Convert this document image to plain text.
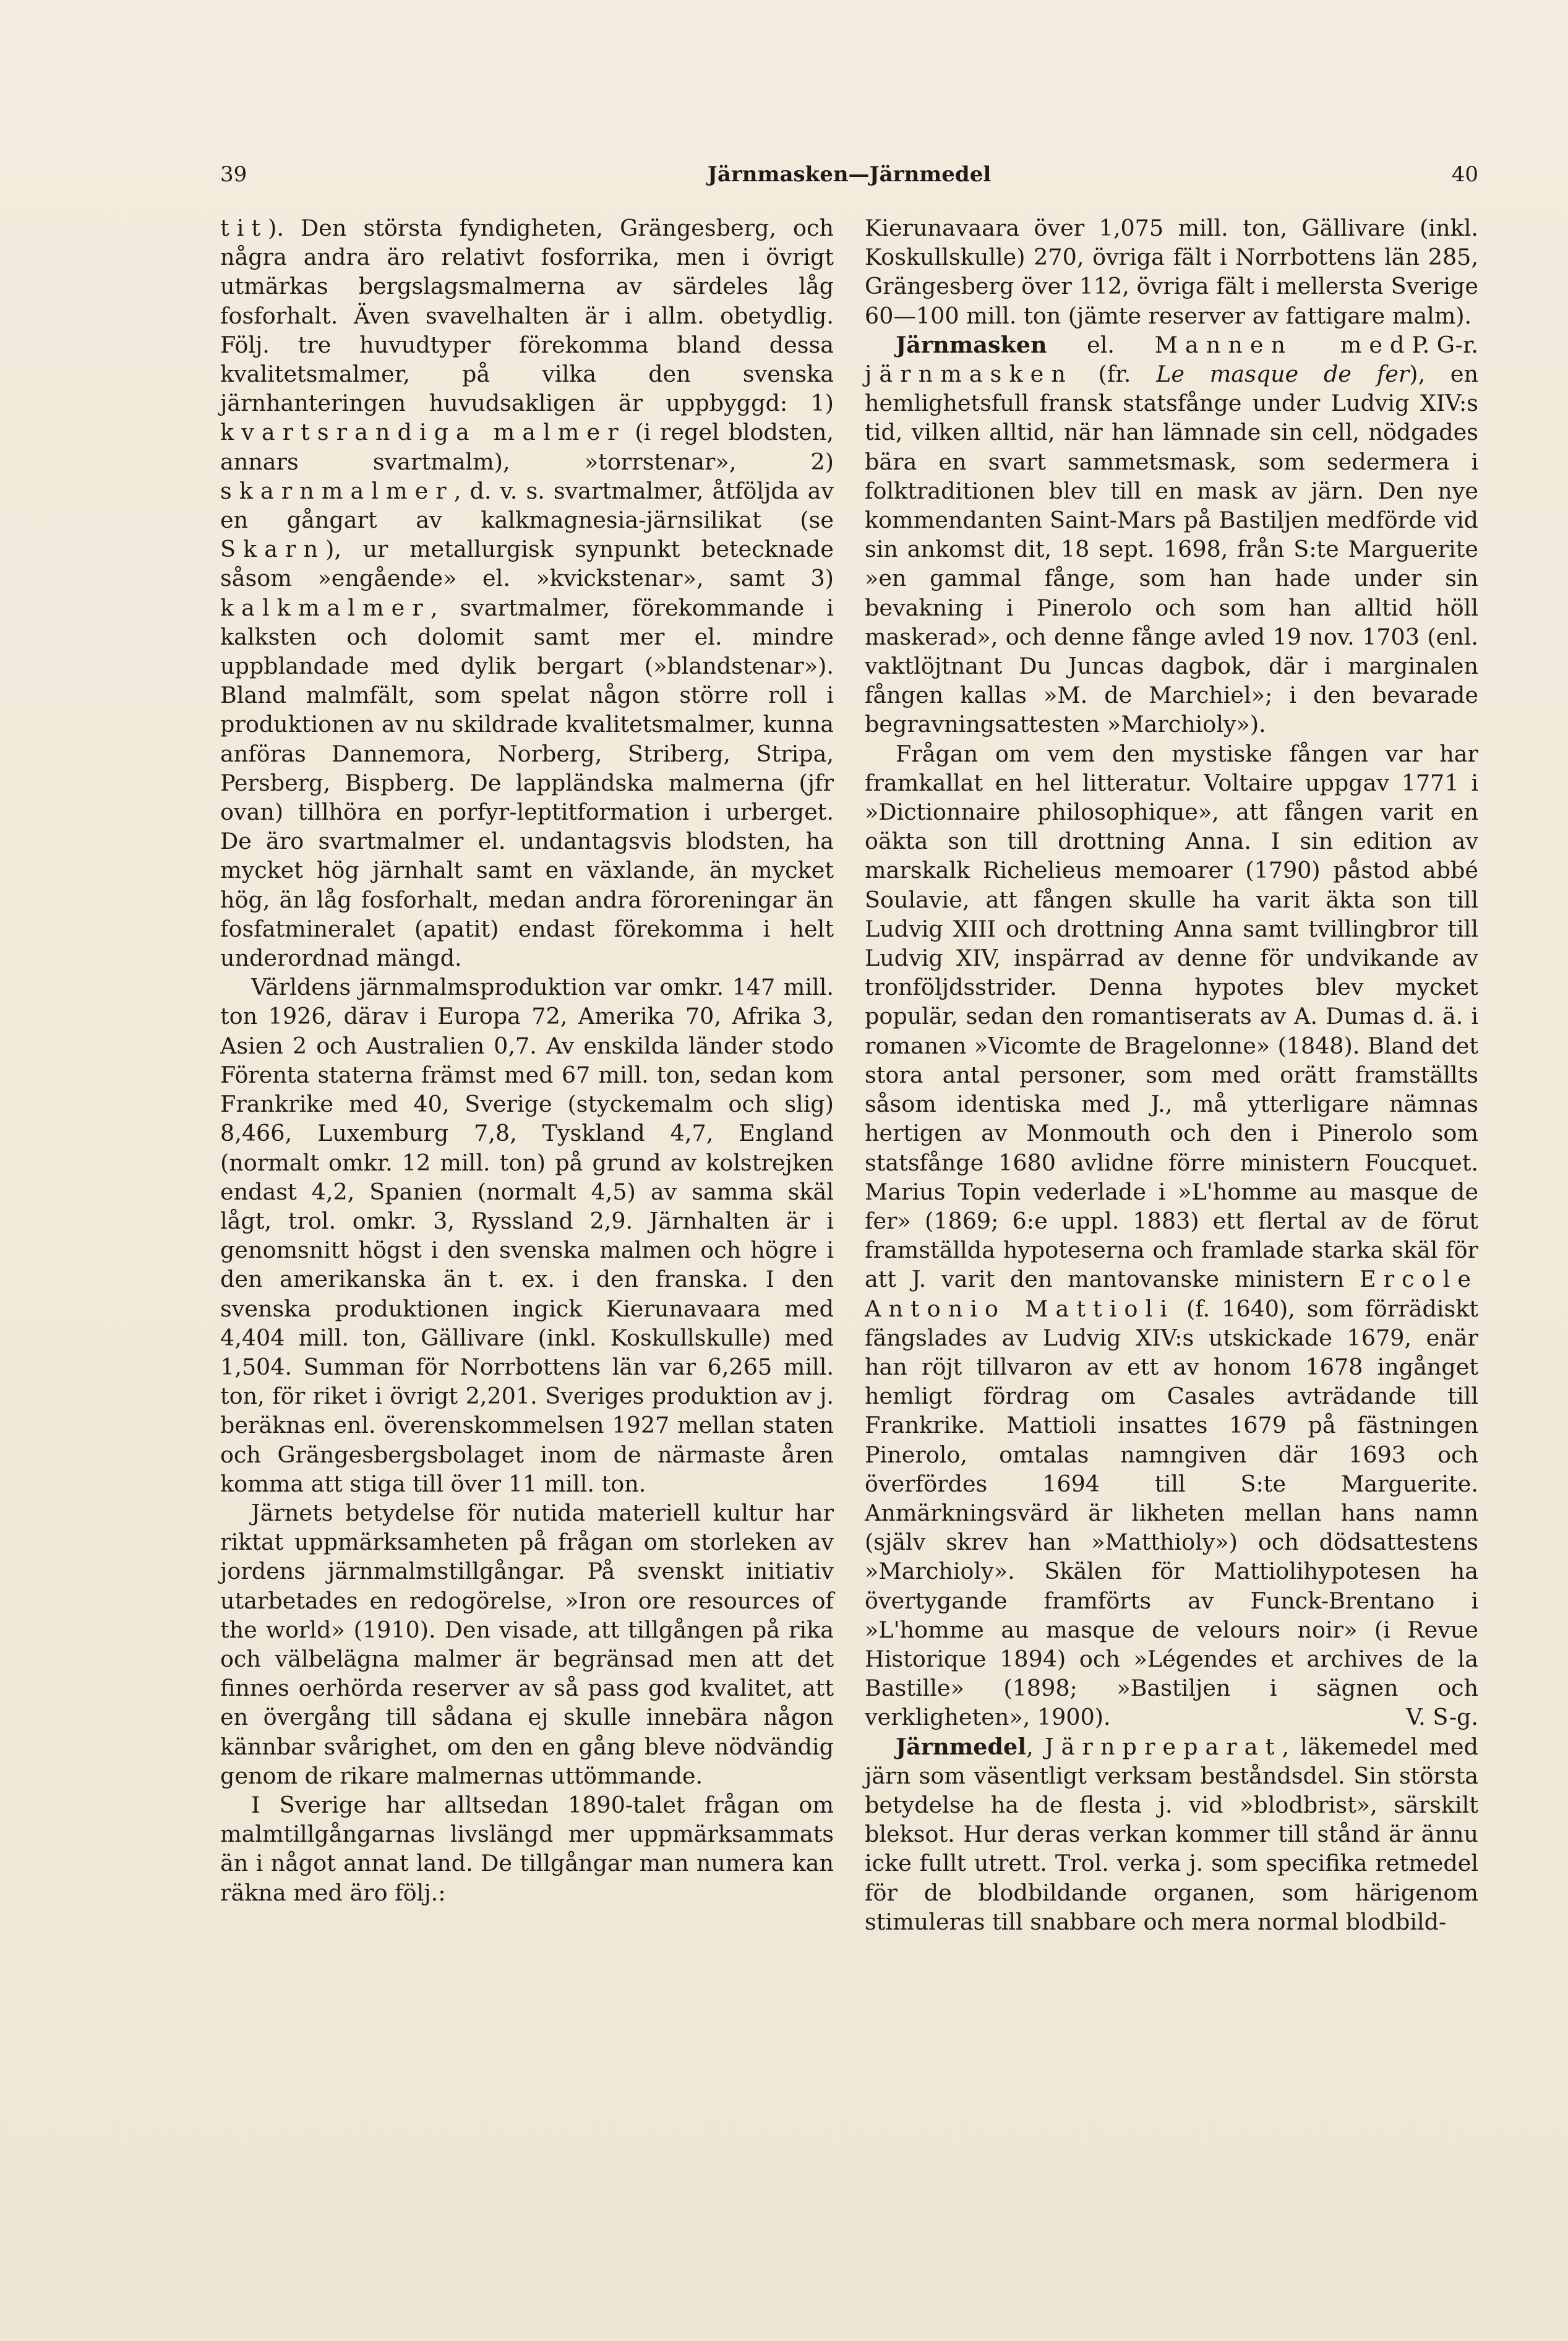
39	Järnmasken—Järnmedel	40

tit). Den största fyndigheten, Grängesberg, och några andra äro relativt fosforrika, men i övrigt utmärkas bergslagsmalmerna av särdeles låg fosforhalt. Även svavelhalten är i allm. obetydlig. Följ. tre huvudtyper förekomma bland dessa kvalitetsmalmer, på vilka den svenska järnhanteringen huvudsakligen är uppbyggd: 1) kvartsrandiga malmer (i regel blodsten, annars svartmalm), »torrstenar», 2) skarnmalmer, d. v. s. svartmalmer, åtföljda av en gångart av kalkmagnesia-järnsilikat (se Skarn), ur metallurgisk synpunkt betecknade såsom »engående» el. »kvickstenar», samt 3) kalkmalmer, svartmalmer, förekommande i kalksten och dolomit samt mer el. mindre uppblandade med dylik bergart (»blandstenar»). Bland malmfält, som spelat någon större roll i produktionen av nu skildrade kvalitetsmalmer, kunna anföras Dannemora, Norberg, Striberg, Stripa, Persberg, Bispberg. De lappländska malmerna (jfr ovan) tillhöra en porfyr-leptitformation i urberget. De äro svartmalmer el. undantagsvis blodsten, ha mycket hög järnhalt samt en växlande, än mycket hög, än låg fosforhalt, medan andra föroreningar än fosfatmineralet (apatit) endast förekomma i helt underordnad mängd.

Världens järnmalmsproduktion var omkr. 147 mill. ton 1926, därav i Europa 72, Amerika 70, Afrika 3, Asien 2 och Australien 0,7. Av enskilda länder stodo Förenta staterna främst med 67 mill. ton, sedan kom Frankrike med 40, Sverige (styckemalm och slig) 8,466, Luxemburg 7,8, Tyskland 4,7, England (normalt omkr. 12 mill. ton) på grund av kolstrejken endast 4,2, Spanien (normalt 4,5) av samma skäl lågt, trol. omkr. 3, Ryssland 2,9. Järnhalten är i genomsnitt högst i den svenska malmen och högre i den amerikanska än t. ex. i den franska. I den svenska produktionen ingick Kierunavaara med 4,404 mill. ton, Gällivare (inkl. Koskullskulle) med 1,504. Summan för Norrbottens län var 6,265 mill. ton, för riket i övrigt 2,201. Sveriges produktion av j. beräknas enl. överenskommelsen 1927 mellan staten och Grängesbergsbolaget inom de närmaste åren komma att stiga till över 11 mill. ton.

Järnets betydelse för nutida materiell kultur har riktat uppmärksamheten på frågan om storleken av jordens järnmalmstillgångar. På svenskt initiativ utarbetades en redogörelse, »Iron ore resources of the world» (1910). Den visade, att tillgången på rika och välbelägna malmer är begränsad men att det finnes oerhörda reserver av så pass god kvalitet, att en övergång till sådana ej skulle innebära någon kännbar svårighet, om den en gång bleve nödvändig genom de rikare malmernas uttömmande.

I Sverige har alltsedan 1890-talet frågan om malmtillgångarnas livslängd mer uppmärksammats än i något annat land. De tillgångar man numera kan räkna med äro följ.:

Kierunavaara över 1,075 mill. ton, Gällivare (inkl. Koskullskulle) 270, övriga fält i Norrbottens län 285, Grängesberg över 112, övriga fält i mellersta Sverige 60—100 mill. ton (jämte reserver av fattigare malm).
P. G-r.

Järnmasken el. Mannen med järnmasken (fr. Le masque de fer), en hemlighetsfull fransk statsfånge under Ludvig XIV:s tid, vilken alltid, när han lämnade sin cell, nödgades bära en svart sammetsmask, som sedermera i folktraditionen blev till en mask av järn. Den nye kommendanten Saint-Mars på Bastiljen medförde vid sin ankomst dit, 18 sept. 1698, från S:te Marguerite »en gammal fånge, som han hade under sin bevakning i Pinerolo och som han alltid höll maskerad», och denne fånge avled 19 nov. 1703 (enl. vaktlöjtnant Du Juncas dagbok, där i marginalen fången kallas »M. de Marchiel»; i den bevarade begravningsattesten »Marchioly»).

Frågan om vem den mystiske fången var har framkallat en hel litteratur. Voltaire uppgav 1771 i »Dictionnaire philosophique», att fången varit en oäkta son till drottning Anna. I sin edition av marskalk Richelieus memoarer (1790) påstod abbé Soulavie, att fången skulle ha varit äkta son till Ludvig XIII och drottning Anna samt tvillingbror till Ludvig XIV, inspärrad av denne för undvikande av tronföljdsstrider. Denna hypotes blev mycket populär, sedan den romantiserats av A. Dumas d. ä. i romanen »Vicomte de Bragelonne» (1848). Bland det stora antal personer, som med orätt framställts såsom identiska med J., må ytterligare nämnas hertigen av Monmouth och den i Pinerolo som statsfånge 1680 avlidne förre ministern Foucquet. Marius Topin vederlade i »L'homme au masque de fer» (1869; 6:e uppl. 1883) ett flertal av de förut framställda hypoteserna och framlade starka skäl för att J. varit den mantovanske ministern Ercole Antonio Mattioli (f. 1640), som förrädiskt fängslades av Ludvig XIV:s utskickade 1679, enär han röjt tillvaron av ett av honom 1678 ingånget hemligt fördrag om Casales avträdande till Frankrike. Mattioli insattes 1679 på fästningen Pinerolo, omtalas namngiven där 1693 och överfördes 1694 till S:te Marguerite. Anmärkningsvärd är likheten mellan hans namn (själv skrev han »Matthioly») och dödsattestens »Marchioly». Skälen för Mattiolihypotesen ha övertygande framförts av Funck-Brentano i »L'homme au masque de velours noir» (i Revue Historique 1894) och »Légendes et archives de la Bastille» (1898; »Bastiljen i sägnen och verkligheten», 1900).	V. S-g.

Järnmedel, Järnpreparat, läkemedel med järn som väsentligt verksam beståndsdel. Sin största betydelse ha de flesta j. vid »blodbrist», särskilt bleksot. Hur deras verkan kommer till stånd är ännu icke fullt utrett. Trol. verka j. som specifika retmedel för de blodbildande organen, som härigenom stimuleras till snabbare och mera normal blodbild-
